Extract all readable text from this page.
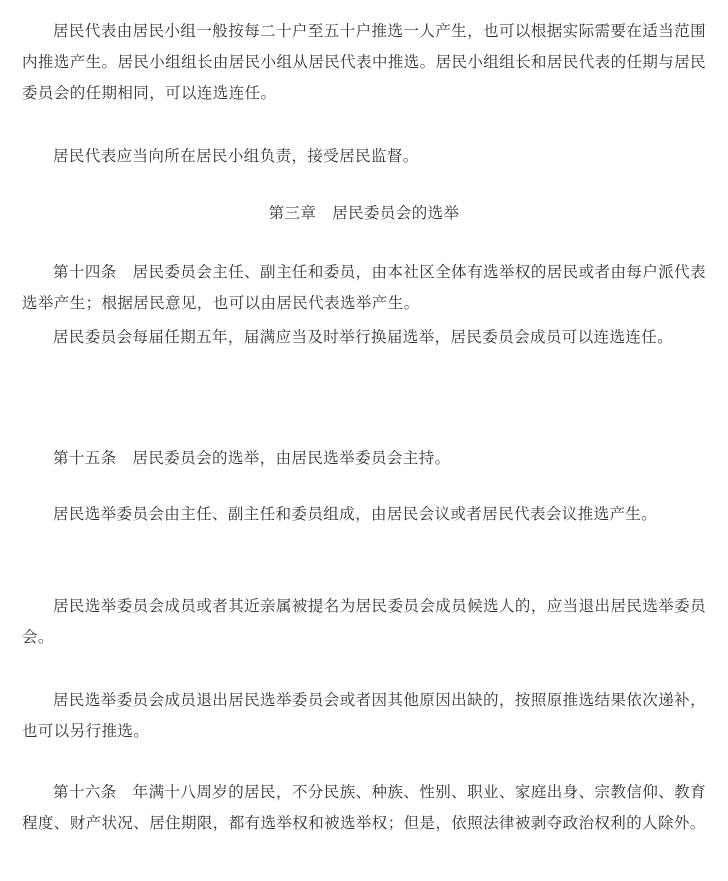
居民代表由居民小组一般按每二十户至五十户推选一人产生，也可以根据实际需要在适当范围内推选产生。居民小组组长由居民小组从居民代表中推选。居民小组组长和居民代表的任期与居民委员会的任期相同，可以连选连任。

居民代表应当向所在居民小组负责，接受居民监督。

第三章　居民委员会的选举

第十四条　居民委员会主任、副主任和委员，由本社区全体有选举权的居民或者由每户派代表选举产生；根据居民意见，也可以由居民代表选举产生。

居民委员会每届任期五年，届满应当及时举行换届选举，居民委员会成员可以连选连任。

第十五条　居民委员会的选举，由居民选举委员会主持。

居民选举委员会由主任、副主任和委员组成，由居民会议或者居民代表会议推选产生。

居民选举委员会成员或者其近亲属被提名为居民委员会成员候选人的，应当退出居民选举委员会。

居民选举委员会成员退出居民选举委员会或者因其他原因出缺的，按照原推选结果依次递补，也可以另行推选。

第十六条　年满十八周岁的居民，不分民族、种族、性别、职业、家庭出身、宗教信仰、教育程度、财产状况、居住期限，都有选举权和被选举权；但是，依照法律被剥夺政治权利的人除外。
